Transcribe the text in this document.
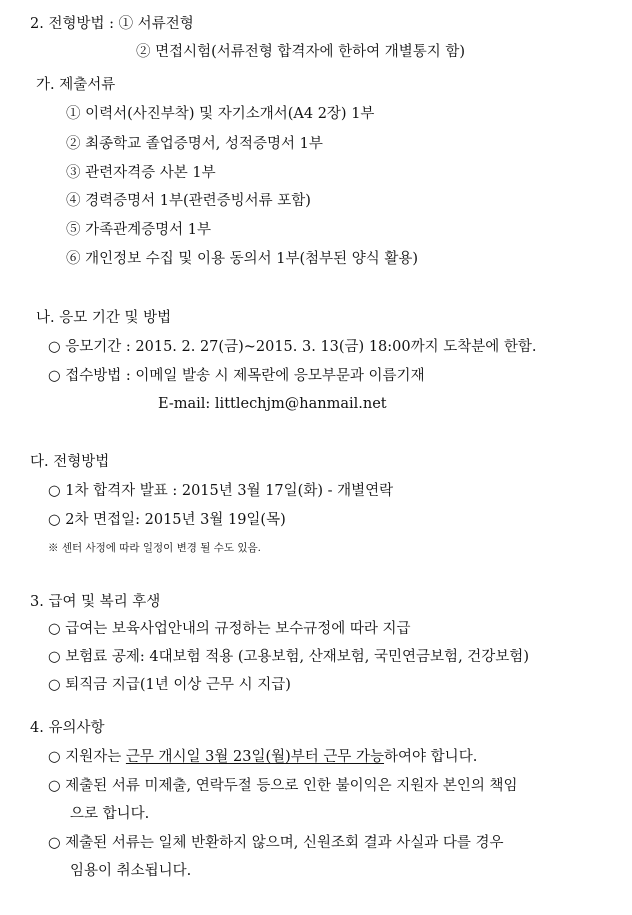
2. 전형방법 : ① 서류전형
② 면접시험(서류전형 합격자에 한하여 개별통지 함)
가. 제출서류
① 이력서(사진부착) 및 자기소개서(A4 2장) 1부
② 최종학교 졸업증명서, 성적증명서 1부
③ 관련자격증 사본 1부
④ 경력증명서 1부(관련증빙서류 포함)
⑤ 가족관계증명서 1부
⑥ 개인정보 수집 및 이용 동의서 1부(첨부된 양식 활용)
나. 응모 기간 및 방법
○ 응모기간 : 2015. 2. 27(금)~2015. 3. 13(금) 18:00까지 도착분에 한함.
○ 접수방법 : 이메일 발송 시 제목란에 응모부문과 이름기재
E-mail: littlechjm@hanmail.net
다. 전형방법
○ 1차 합격자 발표 : 2015년 3월 17일(화) - 개별연락
○ 2차 면접일: 2015년 3월 19일(목)
※ 센터 사정에 따라 일정이 변경 될 수도 있음.
3. 급여 및 복리 후생
○ 급여는 보육사업안내의 규정하는 보수규정에 따라 지급
○ 보험료 공제: 4대보험 적용 (고용보험, 산재보험, 국민연금보험, 건강보험)
○ 퇴직금 지급(1년 이상 근무 시 지급)
4. 유의사항
○ 지원자는 근무 개시일 3월 23일(월)부터 근무 가능하여야 합니다.
○ 제출된 서류 미제출, 연락두절 등으로 인한 불이익은 지원자 본인의 책임
으로 합니다.
○ 제출된 서류는 일체 반환하지 않으며, 신원조회 결과 사실과 다를 경우
임용이 취소됩니다.
